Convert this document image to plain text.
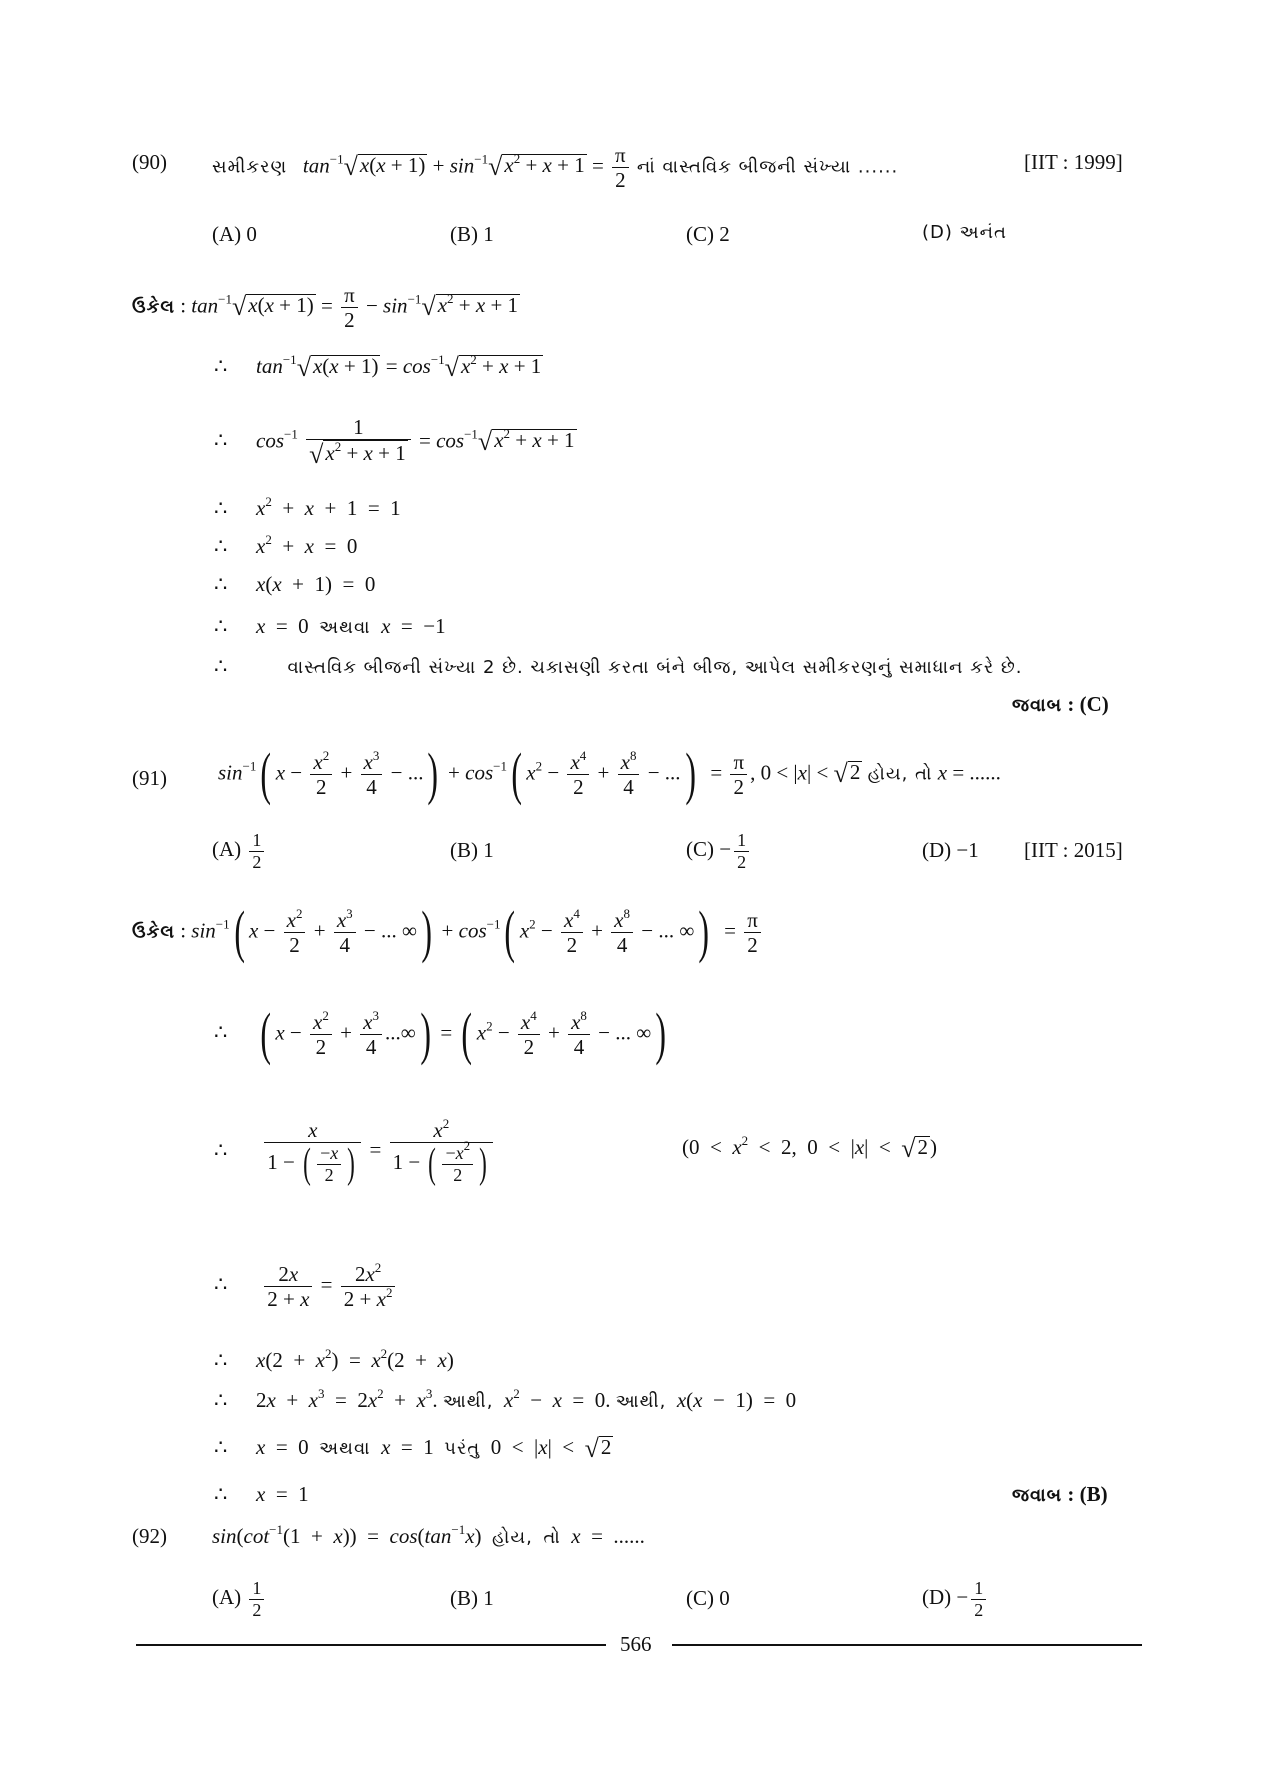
(90)	સમીકરણ $\tan^{-1}√x(x + 1) + \sin^{-1}√x^2 + x + 1 = \frac{\pi}{2}$ નાં વાસ્તવિક બીજની સંખ્યા ......	[IIT : 1999]
(A) 0	(B) 1	(C) 2	(D) અનંત
ઉકેલ : $\tan^{-1}√x(x + 1) = \frac{\pi}{2} - \sin^{-1}√x^2 + x + 1$
∴ $\tan^{-1}√x(x + 1) = \cos^{-1}√x^2 + x + 1$
∴ $\cos^{-1} \frac{1}{√x^2 + x + 1} = \cos^{-1}√x^2 + x + 1$
∴ $x^2 + x + 1 = 1$
∴ $x^2 + x = 0$
∴ x(x  +  1)  =  0
∴ x  =  0  અથવા x  =  −1
∴	વાસ્તવિક બીજની સંખ્યા 2 છે. ચકાસણી કરતા બંને બીજ, આપેલ સમીકરણનું સમાધાન કરે છે.
જવાબ : (C)
(91) $\sin^{-1}$( $x - \frac{x^2}{2} + \frac{x^3}{4}$ − ...) + $\cos^{-1}$( $x^2 - \frac{x^4}{2} + \frac{x^8}{4}$ − ...)  = $\frac{\pi}{2}$ , 0 < |x| < √2 હોય, તો x = ......
$(A) \frac{1}{2}$	(B) 1	$(C) - \frac{1}{2}$	(D) −1 [IIT : 2015]
ઉકેલ : $\sin^{-1}$( $x - \frac{x^2}{2} + \frac{x^3}{4}$ − ... ∞) + $\cos^{-1}$( $x^2 - \frac{x^4}{2} + \frac{x^8}{4}$ − ... ∞)  = $\frac{\pi}{2}$
∴ ( $x - \frac{x^2}{2} + \frac{x^3}{4}$ ...∞) = ( $x^2 - \frac{x^4}{2} + \frac{x^8}{4}$ − ... ∞)
∴ $\frac{x}{1 - ( \frac{-x}{2} )} = \frac{x^2}{1 - ( \frac{-x^2}{2} )}$	($0 < x^2 < 2$,  0  <  |x|  <  √2)
∴ $\frac{2x}{2 + x} = \frac{2x^2}{2 + x^2}$
∴ $x(2 + x^2) = x^2(2 + x)$
∴ $2x + x^3 = 2x^2 + x^3$. આથી, $x^2 - x = 0$. આથી, x(x  −  1)  =  0
∴ x  =  0  અથવા x  =  1  પરંતુ  0  <  |x|  <  √2
∴ x  =  1	જવાબ : (B)
(92) $\sin(\cot^{-1}(1 + x)) = \cos(\tan^{-1}x)$  હોય, તો x  =  ......
$(A) \frac{1}{2}$	(B) 1	(C) 0	$(D) - \frac{1}{2}$
566
